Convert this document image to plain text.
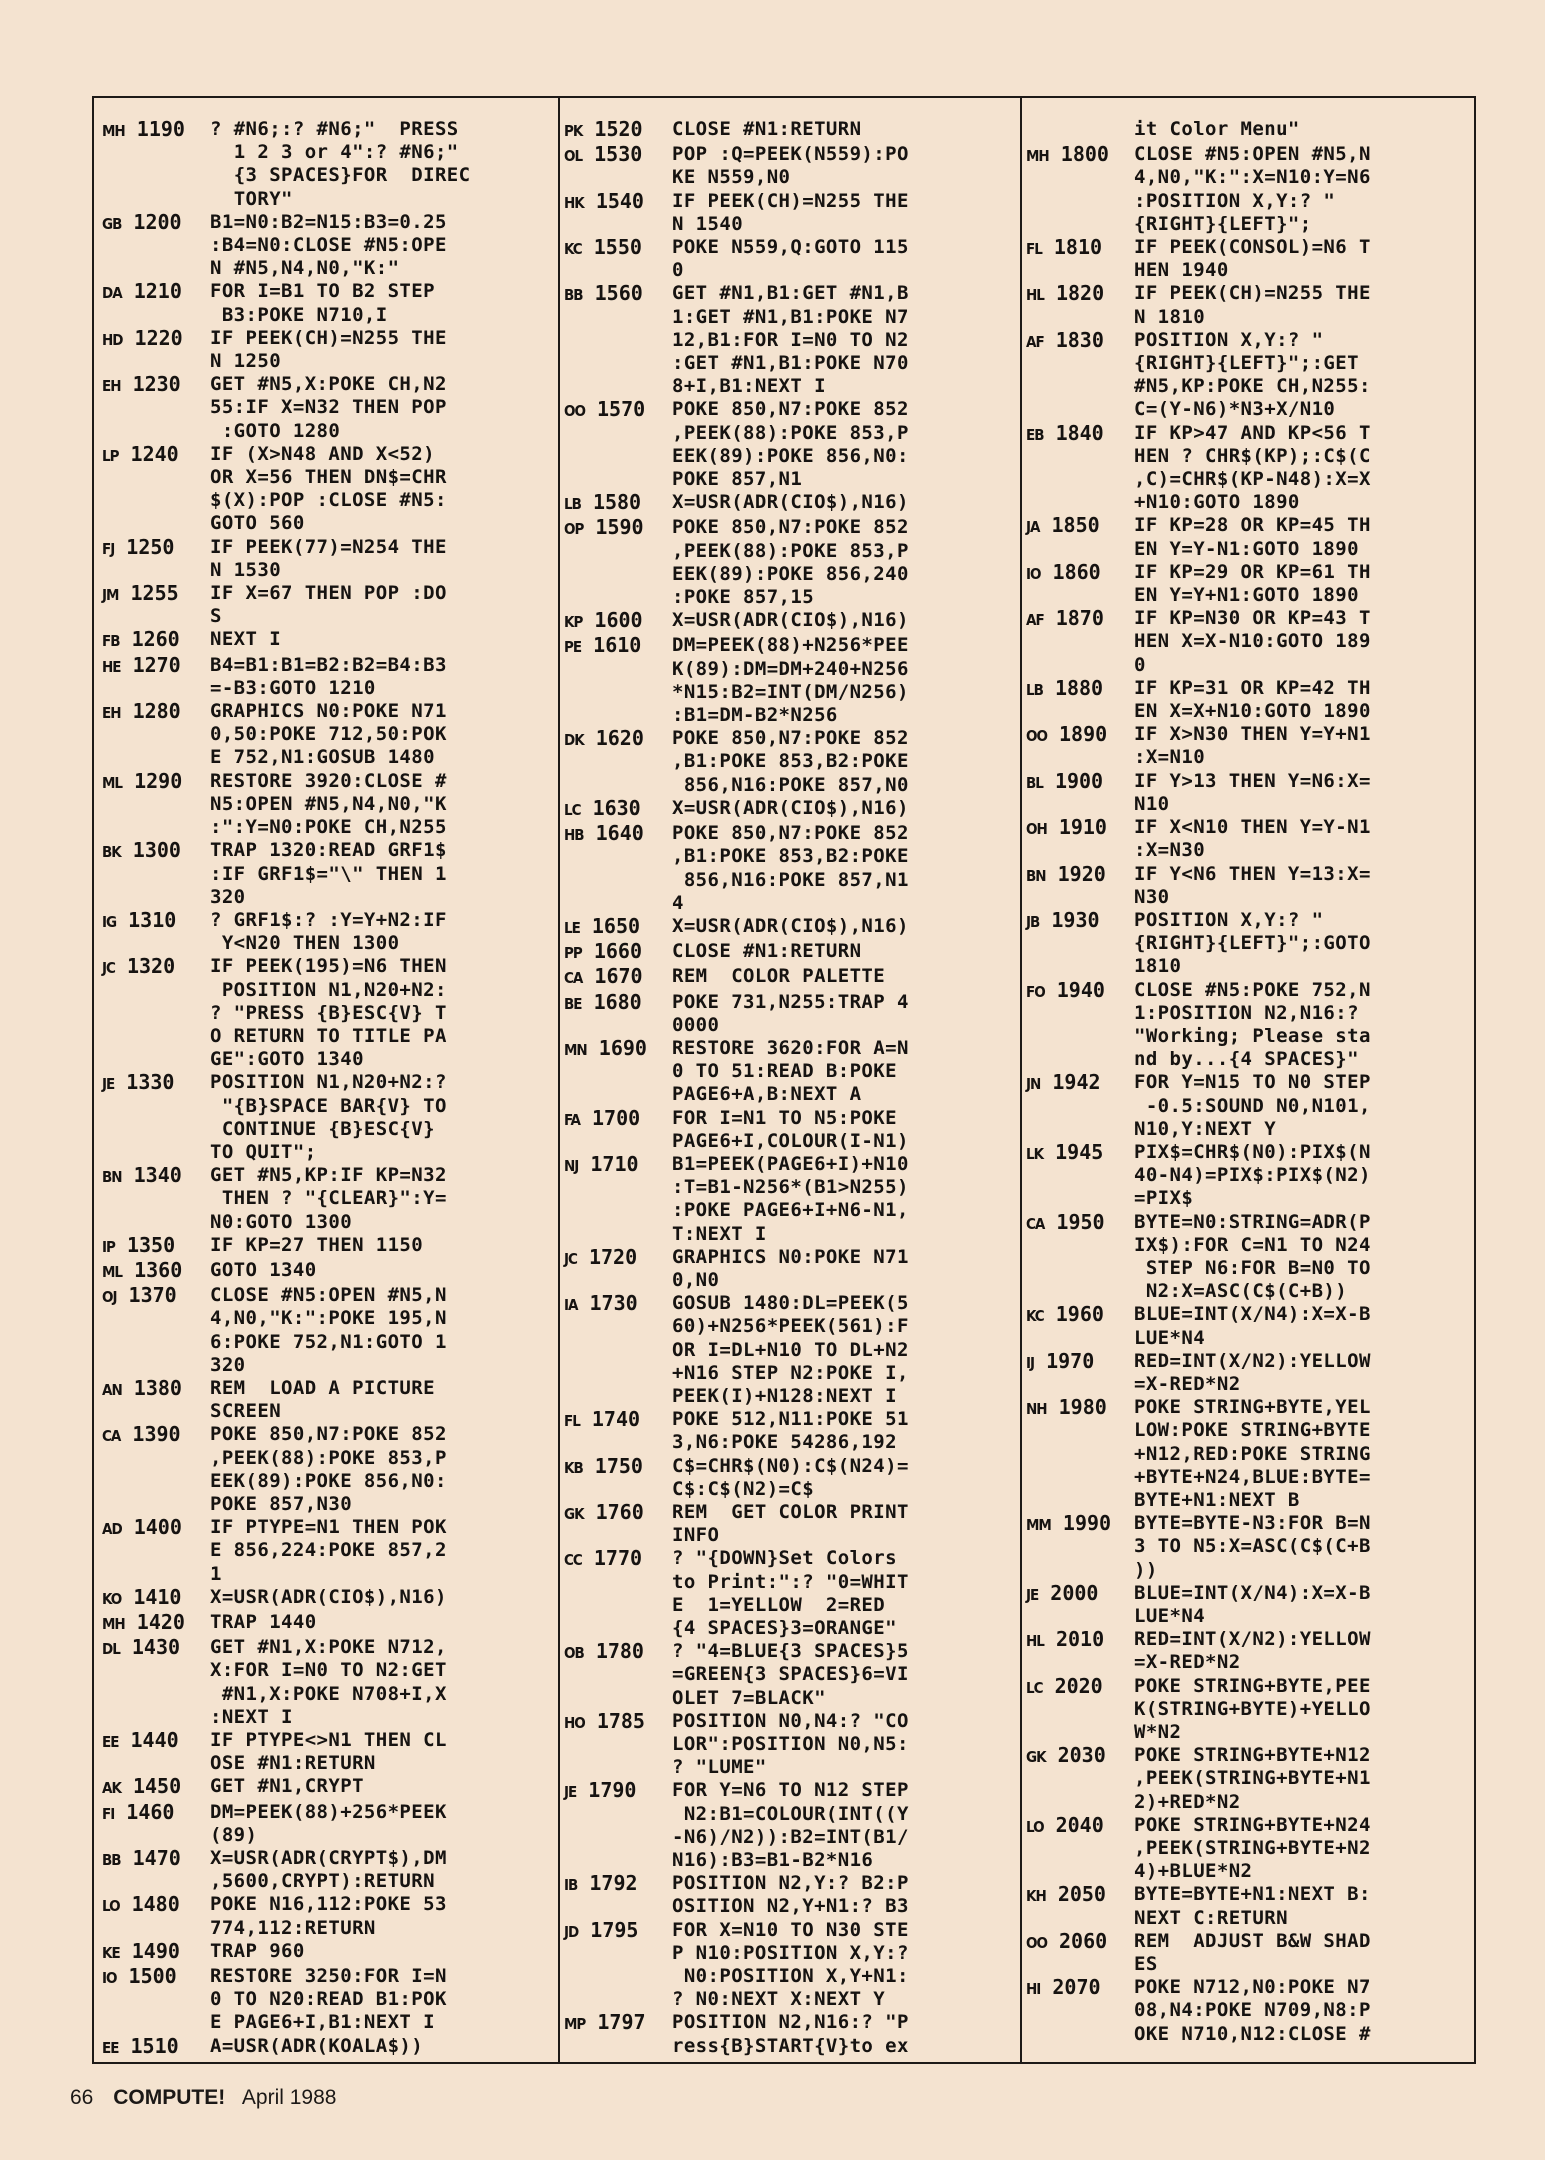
MH 1190	? #N6;:? #N6;"  PRESS
1 2 3 or 4":? #N6;"
{3 SPACES}FOR  DIREC
TORY"
GB 1200	B1=N0:B2=N15:B3=0.25
:B4=N0:CLOSE #N5:OPE
N #N5,N4,N0,"K:"
DA 1210	FOR I=B1 TO B2 STEP
B3:POKE N710,I
HD 1220	IF PEEK(CH)=N255 THE
N 1250
EH 1230	GET #N5,X:POKE CH,N2
55:IF X=N32 THEN POP
:GOTO 1280
LP 1240	IF (X>N48 AND X<52)
OR X=56 THEN DN$=CHR
$(X):POP :CLOSE #N5:
GOTO 560
FJ 1250	IF PEEK(77)=N254 THE
N 1530
JM 1255	IF X=67 THEN POP :DO
S
FB 1260	NEXT I
HE 1270	B4=B1:B1=B2:B2=B4:B3
=-B3:GOTO 1210
EH 1280	GRAPHICS N0:POKE N71
0,50:POKE 712,50:POK
E 752,N1:GOSUB 1480
ML 1290	RESTORE 3920:CLOSE #
N5:OPEN #N5,N4,N0,"K
:":Y=N0:POKE CH,N255
BK 1300	TRAP 1320:READ GRF1$
:IF GRF1$="\" THEN 1
320
IG 1310	? GRF1$:? :Y=Y+N2:IF
Y<N20 THEN 1300
JC 1320	IF PEEK(195)=N6 THEN
POSITION N1,N20+N2:
? "PRESS {B}ESC{V} T
O RETURN TO TITLE PA
GE":GOTO 1340
JE 1330	POSITION N1,N20+N2:?
"{B}SPACE BAR{V} TO
CONTINUE {B}ESC{V}
TO QUIT";
BN 1340	GET #N5,KP:IF KP=N32
THEN ? "{CLEAR}":Y=
N0:GOTO 1300
IP 1350	IF KP=27 THEN 1150
ML 1360	GOTO 1340
OJ 1370	CLOSE #N5:OPEN #N5,N
4,N0,"K:":POKE 195,N
6:POKE 752,N1:GOTO 1
320
AN 1380	REM  LOAD A PICTURE
SCREEN
CA 1390	POKE 850,N7:POKE 852
,PEEK(88):POKE 853,P
EEK(89):POKE 856,N0:
POKE 857,N30
AD 1400	IF PTYPE=N1 THEN POK
E 856,224:POKE 857,2
1
KO 1410	X=USR(ADR(CIO$),N16)
MH 1420	TRAP 1440
DL 1430	GET #N1,X:POKE N712,
X:FOR I=N0 TO N2:GET
#N1,X:POKE N708+I,X
:NEXT I
EE 1440	IF PTYPE<>N1 THEN CL
OSE #N1:RETURN
AK 1450	GET #N1,CRYPT
FI 1460	DM=PEEK(88)+256*PEEK
(89)
BB 1470	X=USR(ADR(CRYPT$),DM
,5600,CRYPT):RETURN
LO 1480	POKE N16,112:POKE 53
774,112:RETURN
KE 1490	TRAP 960
IO 1500	RESTORE 3250:FOR I=N
0 TO N20:READ B1:POK
E PAGE6+I,B1:NEXT I
EE 1510	A=USR(ADR(KOALA$))
PK 1520	CLOSE #N1:RETURN
OL 1530	POP :Q=PEEK(N559):PO
KE N559,N0
HK 1540	IF PEEK(CH)=N255 THE
N 1540
KC 1550	POKE N559,Q:GOTO 115
0
BB 1560	GET #N1,B1:GET #N1,B
1:GET #N1,B1:POKE N7
12,B1:FOR I=N0 TO N2
:GET #N1,B1:POKE N70
8+I,B1:NEXT I
OO 1570	POKE 850,N7:POKE 852
,PEEK(88):POKE 853,P
EEK(89):POKE 856,N0:
POKE 857,N1
LB 1580	X=USR(ADR(CIO$),N16)
OP 1590	POKE 850,N7:POKE 852
,PEEK(88):POKE 853,P
EEK(89):POKE 856,240
:POKE 857,15
KP 1600	X=USR(ADR(CIO$),N16)
PE 1610	DM=PEEK(88)+N256*PEE
K(89):DM=DM+240+N256
*N15:B2=INT(DM/N256)
:B1=DM-B2*N256
DK 1620	POKE 850,N7:POKE 852
,B1:POKE 853,B2:POKE
856,N16:POKE 857,N0
LC 1630	X=USR(ADR(CIO$),N16)
HB 1640	POKE 850,N7:POKE 852
,B1:POKE 853,B2:POKE
856,N16:POKE 857,N1
4
LE 1650	X=USR(ADR(CIO$),N16)
PP 1660	CLOSE #N1:RETURN
CA 1670	REM  COLOR PALETTE
BE 1680	POKE 731,N255:TRAP 4
0000
MN 1690	RESTORE 3620:FOR A=N
0 TO 51:READ B:POKE
PAGE6+A,B:NEXT A
FA 1700	FOR I=N1 TO N5:POKE
PAGE6+I,COLOUR(I-N1)
NJ 1710	B1=PEEK(PAGE6+I)+N10
:T=B1-N256*(B1>N255)
:POKE PAGE6+I+N6-N1,
T:NEXT I
JC 1720	GRAPHICS N0:POKE N71
0,N0
IA 1730	GOSUB 1480:DL=PEEK(5
60)+N256*PEEK(561):F
OR I=DL+N10 TO DL+N2
+N16 STEP N2:POKE I,
PEEK(I)+N128:NEXT I
FL 1740	POKE 512,N11:POKE 51
3,N6:POKE 54286,192
KB 1750	C$=CHR$(N0):C$(N24)=
C$:C$(N2)=C$
GK 1760	REM  GET COLOR PRINT
INFO
CC 1770	? "{DOWN}Set Colors
to Print:":? "0=WHIT
E  1=YELLOW  2=RED
{4 SPACES}3=ORANGE"
OB 1780	? "4=BLUE{3 SPACES}5
=GREEN{3 SPACES}6=VI
OLET 7=BLACK"
HO 1785	POSITION N0,N4:? "CO
LOR":POSITION N0,N5:
? "LUME"
JE 1790	FOR Y=N6 TO N12 STEP
N2:B1=COLOUR(INT((Y
-N6)/N2)):B2=INT(B1/
N16):B3=B1-B2*N16
IB 1792	POSITION N2,Y:? B2:P
OSITION N2,Y+N1:? B3
JD 1795	FOR X=N10 TO N30 STE
P N10:POSITION X,Y:?
N0:POSITION X,Y+N1:
? N0:NEXT X:NEXT Y
MP 1797	POSITION N2,N16:? "P
ress{B}START{V}to ex

it Color Menu"
MH 1800	CLOSE #N5:OPEN #N5,N
4,N0,"K:":X=N10:Y=N6
:POSITION X,Y:? "
{RIGHT}{LEFT}";
FL 1810	IF PEEK(CONSOL)=N6 T
HEN 1940
HL 1820	IF PEEK(CH)=N255 THE
N 1810
AF 1830	POSITION X,Y:? "
{RIGHT}{LEFT}";:GET
#N5,KP:POKE CH,N255:
C=(Y-N6)*N3+X/N10
EB 1840	IF KP>47 AND KP<56 T
HEN ? CHR$(KP);:C$(C
,C)=CHR$(KP-N48):X=X
+N10:GOTO 1890
JA 1850	IF KP=28 OR KP=45 TH
EN Y=Y-N1:GOTO 1890
IO 1860	IF KP=29 OR KP=61 TH
EN Y=Y+N1:GOTO 1890
AF 1870	IF KP=N30 OR KP=43 T
HEN X=X-N10:GOTO 189
0
LB 1880	IF KP=31 OR KP=42 TH
EN X=X+N10:GOTO 1890
OO 1890	IF X>N30 THEN Y=Y+N1
:X=N10
BL 1900	IF Y>13 THEN Y=N6:X=
N10
OH 1910	IF X<N10 THEN Y=Y-N1
:X=N30
BN 1920	IF Y<N6 THEN Y=13:X=
N30
JB 1930	POSITION X,Y:? "
{RIGHT}{LEFT}";:GOTO
1810
FO 1940	CLOSE #N5:POKE 752,N
1:POSITION N2,N16:?
"Working; Please sta
nd by...{4 SPACES}"
JN 1942	FOR Y=N15 TO N0 STEP
-0.5:SOUND N0,N101,
N10,Y:NEXT Y
LK 1945	PIX$=CHR$(N0):PIX$(N
40-N4)=PIX$:PIX$(N2)
=PIX$
CA 1950	BYTE=N0:STRING=ADR(P
IX$):FOR C=N1 TO N24
STEP N6:FOR B=N0 TO
N2:X=ASC(C$(C+B))
KC 1960	BLUE=INT(X/N4):X=X-B
LUE*N4
IJ 1970	RED=INT(X/N2):YELLOW
=X-RED*N2
NH 1980	POKE STRING+BYTE,YEL
LOW:POKE STRING+BYTE
+N12,RED:POKE STRING
+BYTE+N24,BLUE:BYTE=
BYTE+N1:NEXT B
MM 1990	BYTE=BYTE-N3:FOR B=N
3 TO N5:X=ASC(C$(C+B
))
JE 2000	BLUE=INT(X/N4):X=X-B
LUE*N4
HL 2010	RED=INT(X/N2):YELLOW
=X-RED*N2
LC 2020	POKE STRING+BYTE,PEE
K(STRING+BYTE)+YELLO
W*N2
GK 2030	POKE STRING+BYTE+N12
,PEEK(STRING+BYTE+N1
2)+RED*N2
LO 2040	POKE STRING+BYTE+N24
,PEEK(STRING+BYTE+N2
4)+BLUE*N2
KH 2050	BYTE=BYTE+N1:NEXT B:
NEXT C:RETURN
OO 2060	REM  ADJUST B&W SHAD
ES
HI 2070	POKE N712,N0:POKE N7
08,N4:POKE N709,N8:P
OKE N710,N12:CLOSE #
66 COMPUTE! April 1988
